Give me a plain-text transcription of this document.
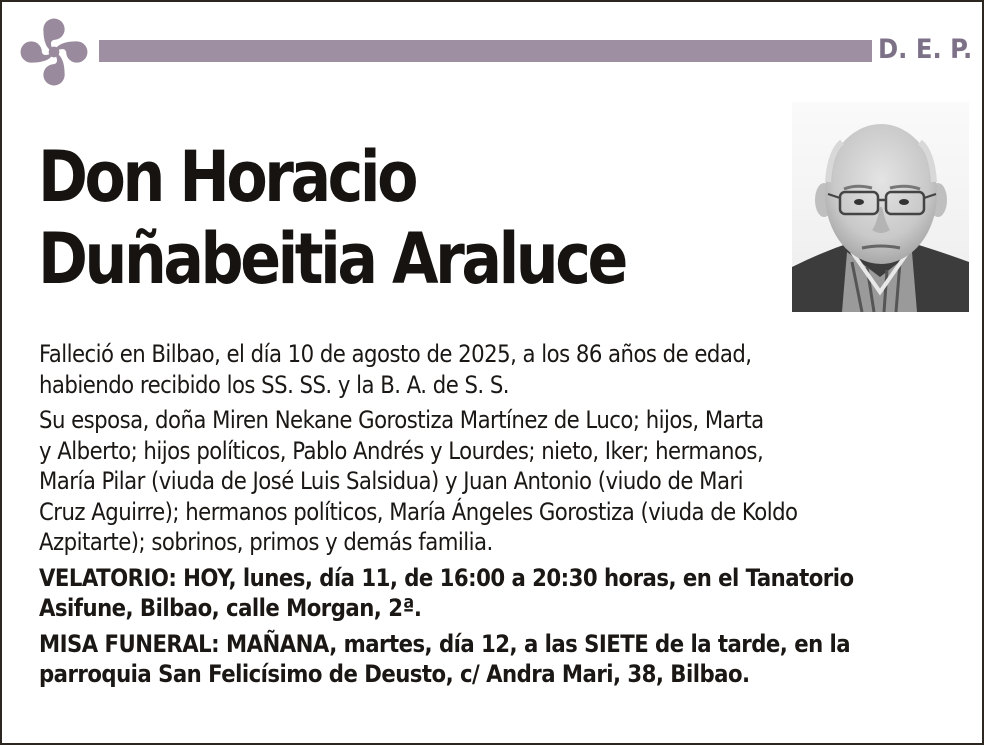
D. E. P.
Don Horacio
Duñabeitia Araluce

Falleció en Bilbao, el día 10 de agosto de 2025, a los 86 años de edad,
habiendo recibido los SS. SS. y la B. A. de S. S.

Su esposa, doña Miren Nekane Gorostiza Martínez de Luco; hijos, Marta
y Alberto; hijos políticos, Pablo Andrés y Lourdes; nieto, Iker; hermanos,
María Pilar (viuda de José Luis Salsidua) y Juan Antonio (viudo de Mari
Cruz Aguirre); hermanos políticos, María Ángeles Gorostiza (viuda de Koldo
Azpitarte); sobrinos, primos y demás familia.

VELATORIO: HOY, lunes, día 11, de 16:00 a 20:30 horas, en el Tanatorio
Asifune, Bilbao, calle Morgan, 2ª.

MISA FUNERAL: MAÑANA, martes, día 12, a las SIETE de la tarde, en la
parroquia San Felicísimo de Deusto, c/ Andra Mari, 38, Bilbao.
